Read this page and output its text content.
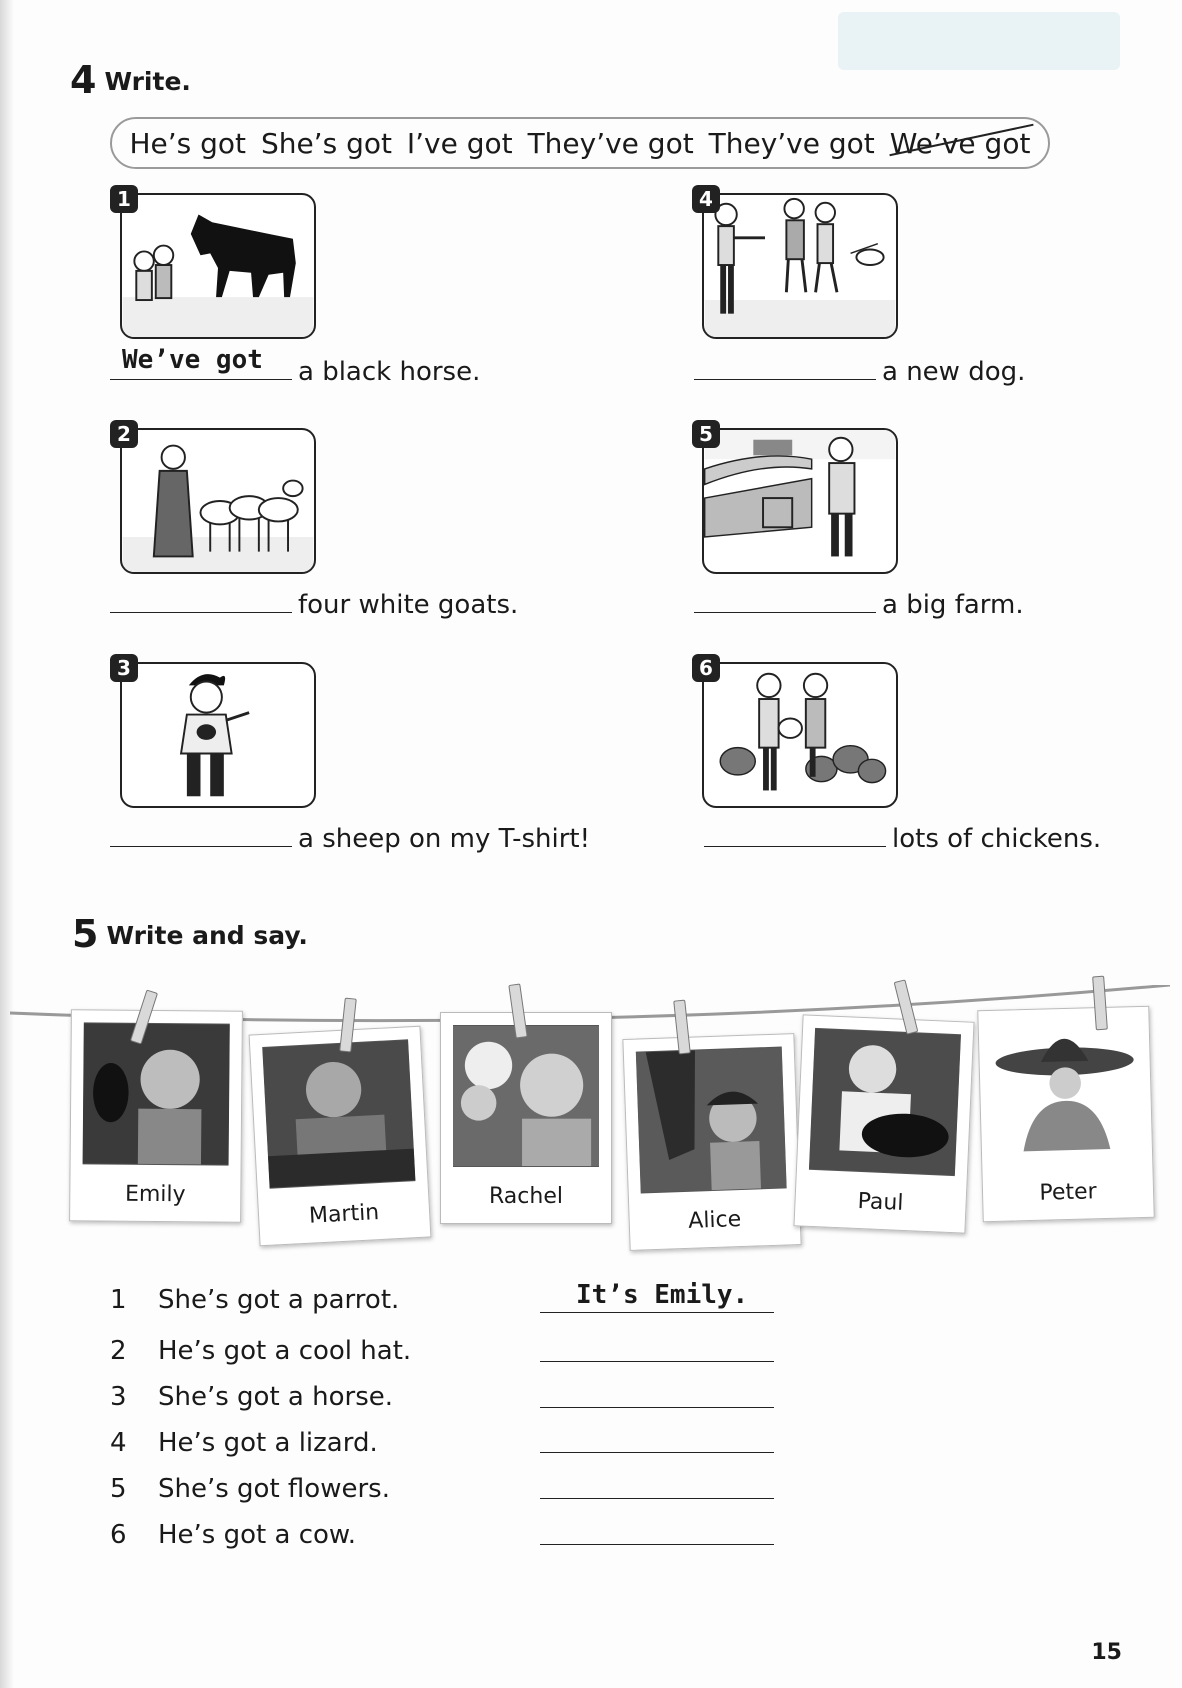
4 Write.
He’s got She’s got I’ve got They’ve got They’ve got We’ve got
1
2
3
4
5
6
We’ve got a black horse.
four white goats.
a sheep on my T-shirt!
a new dog.
a big farm.
lots of chickens.
5 Write and say.
Emily
Martin
Rachel
Alice
Paul	Peter
1 She’s got a parrot.	It’s Emily.
2 He’s got a cool hat.
3 She’s got a horse.
4 He’s got a lizard.
5 She’s got flowers.
6 He’s got a cow.
15
